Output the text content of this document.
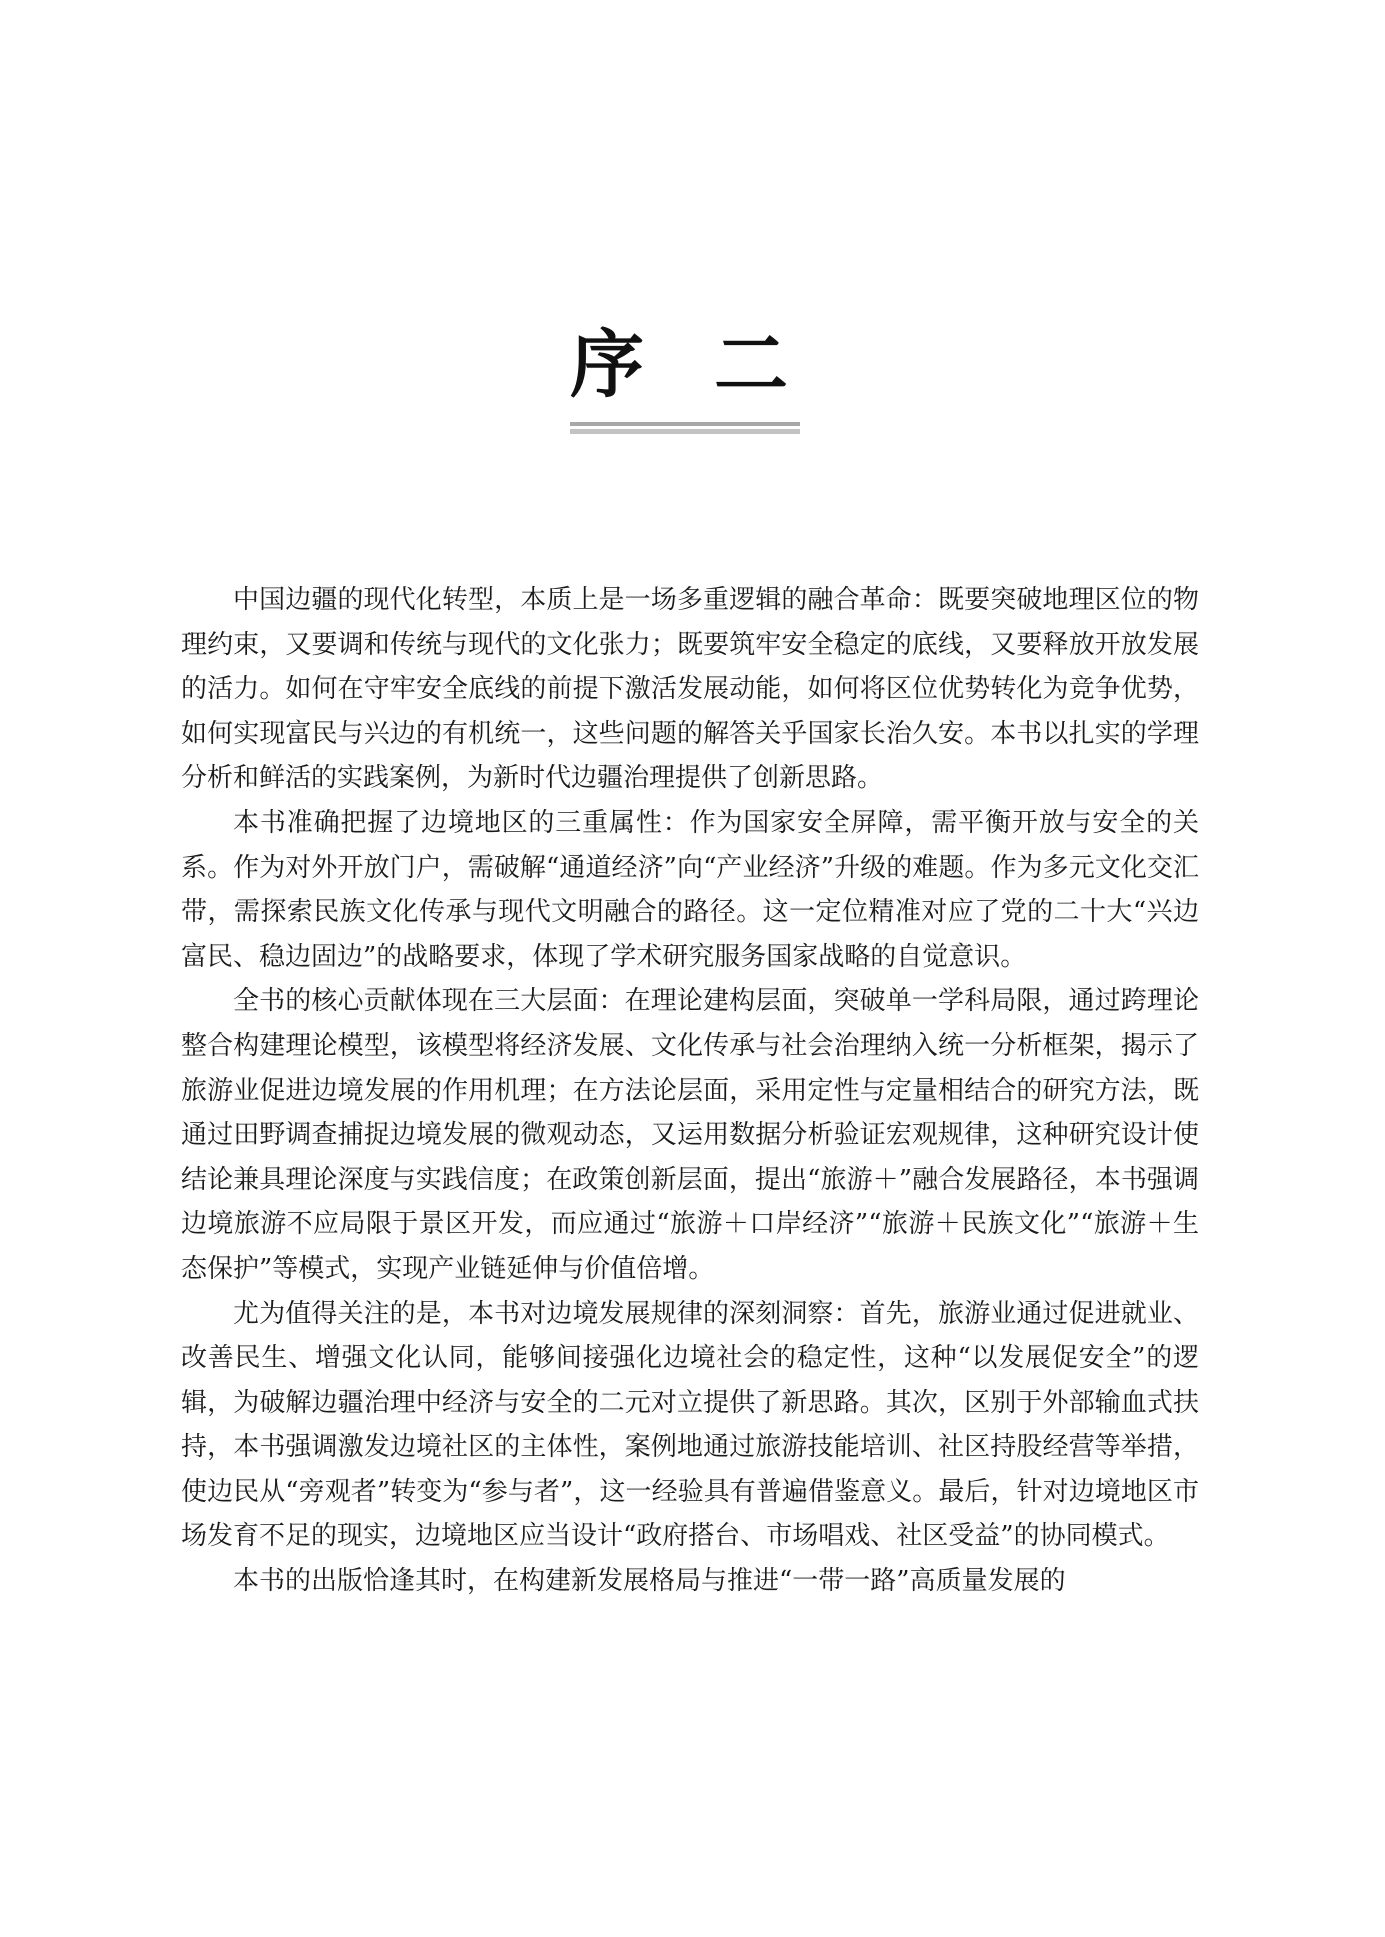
序二

中国边疆的现代化转型，本质上是一场多重逻辑的融合革命：既要突破地理区位的物理约束，又要调和传统与现代的文化张力；既要筑牢安全稳定的底线，又要释放开放发展的活力。如何在守牢安全底线的前提下激活发展动能，如何将区位优势转化为竞争优势，如何实现富民与兴边的有机统一，这些问题的解答关乎国家长治久安。本书以扎实的学理分析和鲜活的实践案例，为新时代边疆治理提供了创新思路。

本书准确把握了边境地区的三重属性：作为国家安全屏障，需平衡开放与安全的关系。作为对外开放门户，需破解“通道经济”向“产业经济”升级的难题。作为多元文化交汇带，需探索民族文化传承与现代文明融合的路径。这一定位精准对应了党的二十大“兴边富民、稳边固边”的战略要求，体现了学术研究服务国家战略的自觉意识。

全书的核心贡献体现在三大层面：在理论建构层面，突破单一学科局限，通过跨理论整合构建理论模型，该模型将经济发展、文化传承与社会治理纳入统一分析框架，揭示了旅游业促进边境发展的作用机理；在方法论层面，采用定性与定量相结合的研究方法，既通过田野调查捕捉边境发展的微观动态，又运用数据分析验证宏观规律，这种研究设计使结论兼具理论深度与实践信度；在政策创新层面，提出“旅游＋”融合发展路径，本书强调边境旅游不应局限于景区开发，而应通过“旅游＋口岸经济”“旅游＋民族文化”“旅游＋生态保护”等模式，实现产业链延伸与价值倍增。

尤为值得关注的是，本书对边境发展规律的深刻洞察：首先，旅游业通过促进就业、改善民生、增强文化认同，能够间接强化边境社会的稳定性，这种“以发展促安全”的逻辑，为破解边疆治理中经济与安全的二元对立提供了新思路。其次，区别于外部输血式扶持，本书强调激发边境社区的主体性，案例地通过旅游技能培训、社区持股经营等举措，使边民从“旁观者”转变为“参与者”，这一经验具有普遍借鉴意义。最后，针对边境地区市场发育不足的现实，边境地区应当设计“政府搭台、市场唱戏、社区受益”的协同模式。

本书的出版恰逢其时，在构建新发展格局与推进“一带一路”高质量发展的
